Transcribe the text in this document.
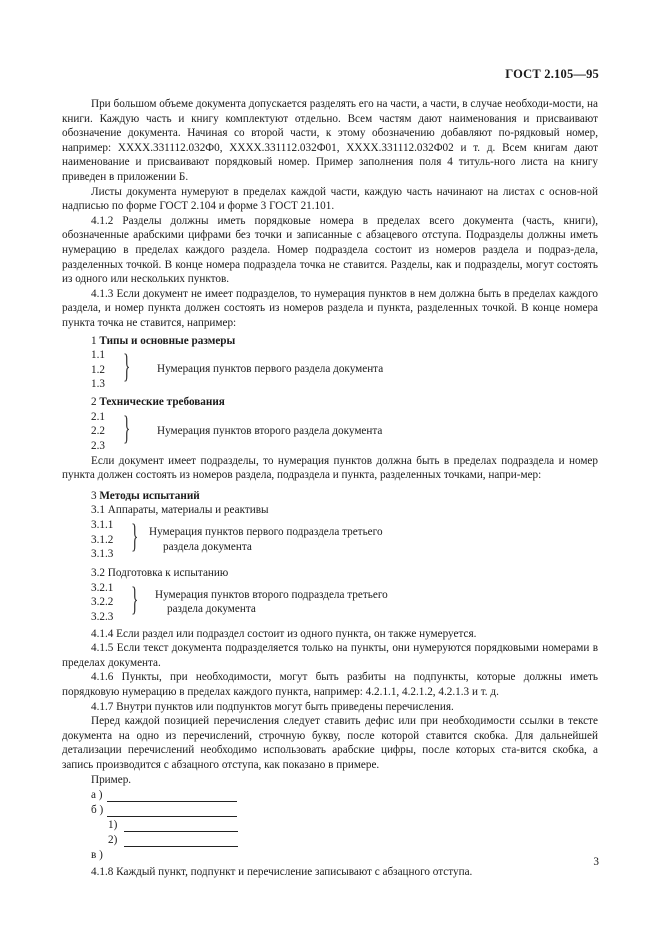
ГОСТ 2.105—95

При большом объеме документа допускается разделять его на части, а части, в случае необходи-мости, на книги. Каждую часть и книгу комплектуют отдельно. Всем частям дают наименования и присваивают обозначение документа. Начиная со второй части, к этому обозначению добавляют по-рядковый номер, например: ХХХХ.331112.032Ф0, ХХХХ.331112.032Ф01, ХХХХ.331112.032Ф02 и т. д. Всем книгам дают наименование и присваивают порядковый номер. Пример заполнения поля 4 титуль-ного листа на книгу приведен в приложении Б.

Листы документа нумеруют в пределах каждой части, каждую часть начинают на листах с основ-ной надписью по форме ГОСТ 2.104 и форме 3 ГОСТ 21.101.

4.1.2 Разделы должны иметь порядковые номера в пределах всего документа (часть, книги), обозначенные арабскими цифрами без точки и записанные с абзацевого отступа. Подразделы должны иметь нумерацию в пределах каждого раздела. Номер подраздела состоит из номеров раздела и подраз-дела, разделенных точкой. В конце номера подраздела точка не ставится. Разделы, как и подразделы, могут состоять из одного или нескольких пунктов.

4.1.3 Если документ не имеет подразделов, то нумерация пунктов в нем должна быть в пределах каждого раздела, и номер пункта должен состоять из номеров раздела и пункта, разделенных точкой. В конце номера пункта точка не ставится, например:

1 Типы и основные размеры
1.1
1.2
1.3 } Нумерация пунктов первого раздела документа
2 Технические требования
2.1
2.2
2.3 } Нумерация пунктов второго раздела документа

Если документ имеет подразделы, то нумерация пунктов должна быть в пределах подраздела и номер пункта должен состоять из номеров раздела, подраздела и пункта, разделенных точками, напри-мер:

3 Методы испытаний
3.1 Аппараты, материалы и реактивы
3.1.1
3.1.2
3.1.3 } Нумерация пунктов первого подраздела третьего
раздела документа
3.2 Подготовка к испытанию
3.2.1
3.2.2
3.2.3 } Нумерация пунктов второго подраздела третьего
раздела документа

4.1.4 Если раздел или подраздел состоит из одного пункта, он также нумеруется.

4.1.5 Если текст документа подразделяется только на пункты, они нумеруются порядковыми номерами в пределах документа.

4.1.6 Пункты, при необходимости, могут быть разбиты на подпункты, которые должны иметь порядковую нумерацию в пределах каждого пункта, например: 4.2.1.1, 4.2.1.2, 4.2.1.3 и т. д.

4.1.7 Внутри пунктов или подпунктов могут быть приведены перечисления.

Перед каждой позицией перечисления следует ставить дефис или при необходимости ссылки в тексте документа на одно из перечислений, строчную букву, после которой ставится скобка. Для дальнейшей детализации перечислений необходимо использовать арабские цифры, после которых ста-вится скобка, а запись производится с абзацного отступа, как показано в примере.

Пример.

а )
б )
1)
2)
в )

4.1.8 Каждый пункт, подпункт и перечисление записывают с абзацного отступа.

3
